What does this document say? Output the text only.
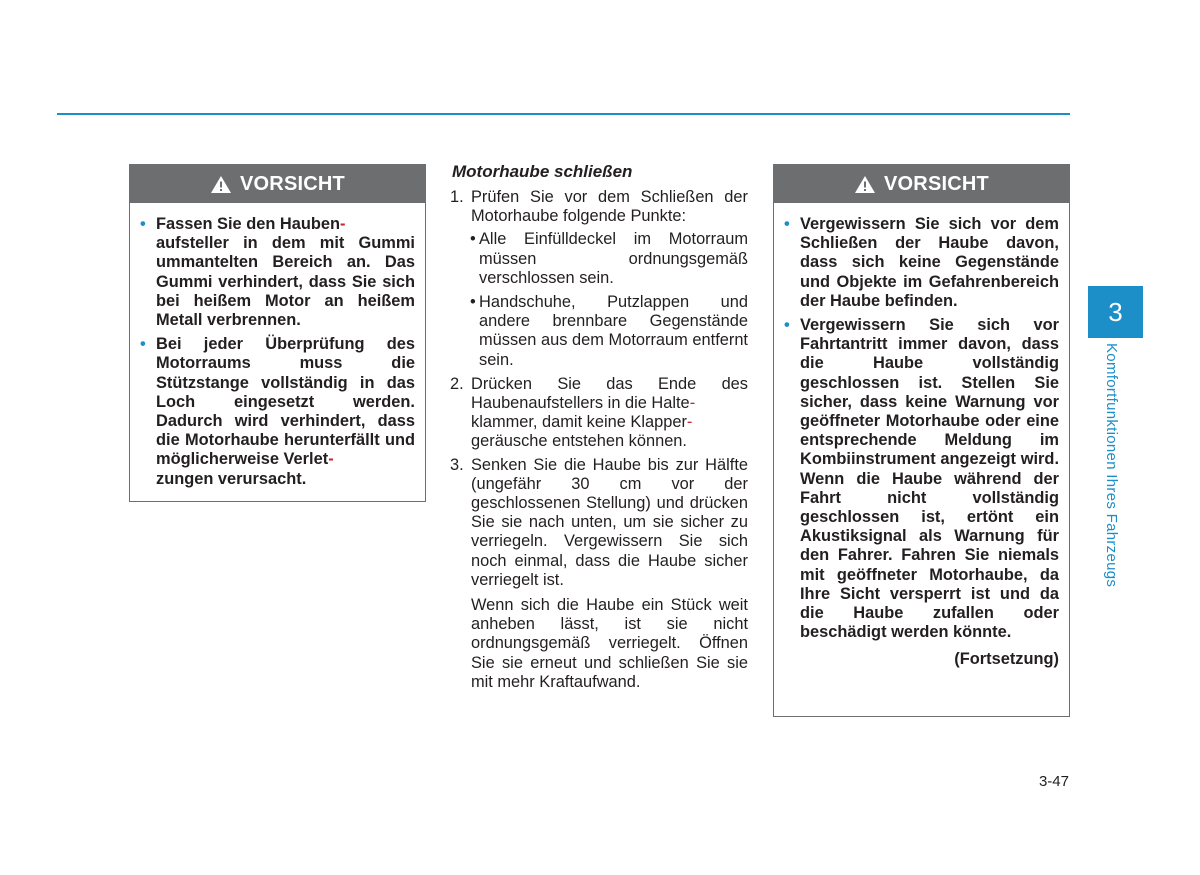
VORSICHT
• Fassen Sie den Hauben-
aufsteller in dem mit Gummi ummantelten Bereich an. Das Gummi verhindert, dass Sie sich bei heißem Motor an heißem Metall verbrennen.
• Bei jeder Überprüfung des Motorraums muss die Stützstange vollständig in das Loch eingesetzt werden. Dadurch wird verhindert, dass die Motorhaube herunterfällt und möglicherweise Verlet-
zungen verursacht.
Motorhaube schließen
1. Prüfen Sie vor dem Schließen der Motorhaube folgende Punkte:
• Alle Einfülldeckel im Motorraum müssen ordnungsgemäß verschlossen sein.
• Handschuhe, Putzlappen und andere brennbare Gegenstände müssen aus dem Motorraum entfernt sein.
2. Drücken Sie das Ende des Haubenaufstellers in die Halte-
klammer, damit keine Klapper-
geräusche entstehen können.
3. Senken Sie die Haube bis zur Hälfte (ungefähr 30 cm vor der geschlossenen Stellung) und drücken Sie sie nach unten, um sie sicher zu verriegeln. Vergewissern Sie sich noch einmal, dass die Haube sicher verriegelt ist.
Wenn sich die Haube ein Stück weit anheben lässt, ist sie nicht ordnungsgemäß verriegelt. Öffnen Sie sie erneut und schließen Sie sie mit mehr Kraftaufwand.
VORSICHT
• Vergewissern Sie sich vor dem Schließen der Haube davon, dass sich keine Gegenstände und Objekte im Gefahrenbereich der Haube befinden.
• Vergewissern Sie sich vor Fahrtantritt immer davon, dass die Haube vollständig geschlossen ist. Stellen Sie sicher, dass keine Warnung vor geöffneter Motorhaube oder eine entsprechende Meldung im Kombiinstrument angezeigt wird. Wenn die Haube während der Fahrt nicht vollständig geschlossen ist, ertönt ein Akustiksignal als Warnung für den Fahrer. Fahren Sie niemals mit geöffneter Motorhaube, da Ihre Sicht versperrt ist und da die Haube zufallen oder beschädigt werden könnte.
(Fortsetzung)
3
Komfortfunktionen Ihres Fahrzeugs
3-47
